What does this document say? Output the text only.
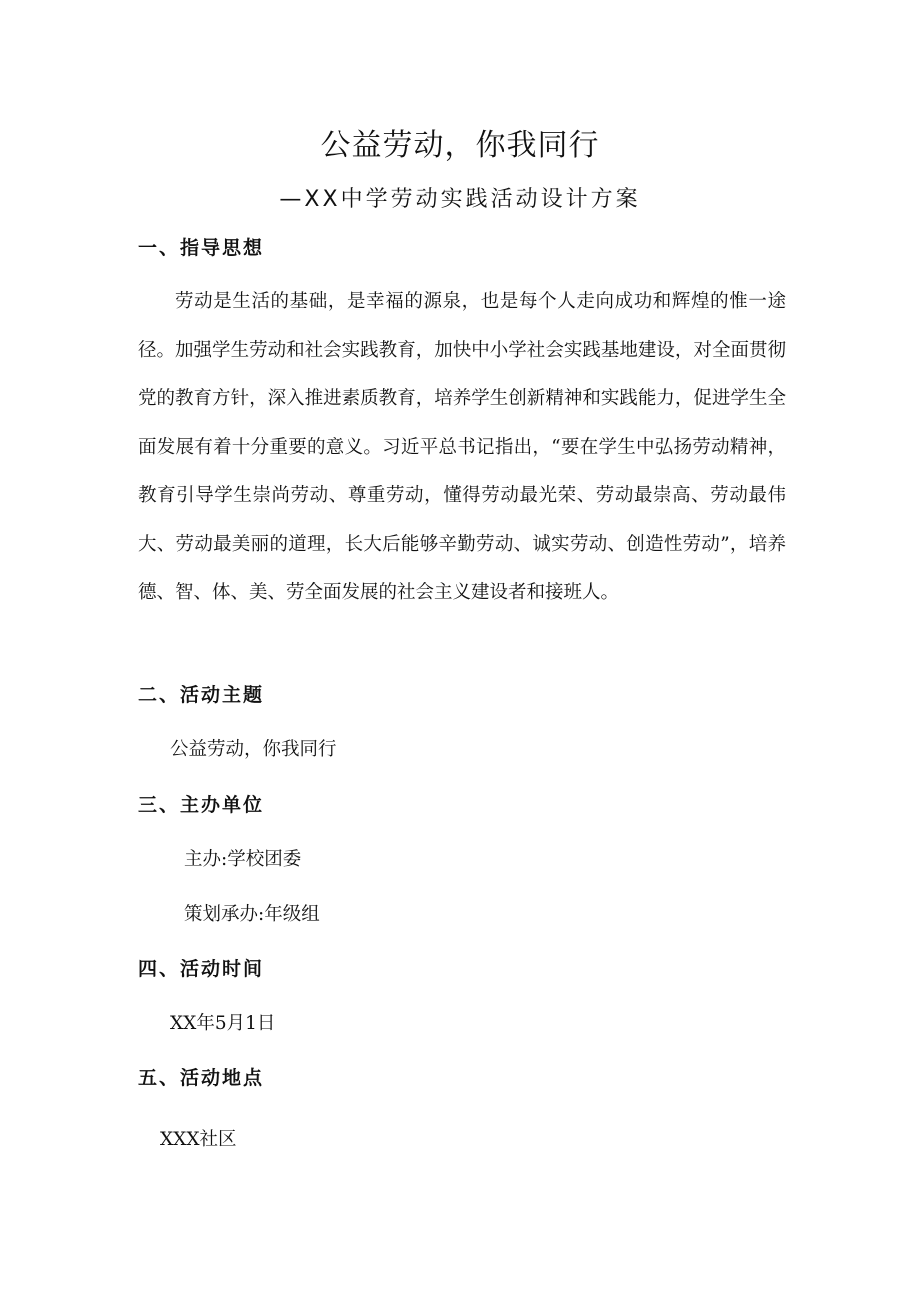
公益劳动，你我同行
—XX中学劳动实践活动设计方案
一、指导思想

劳动是生活的基础，是幸福的源泉，也是每个人走向成功和辉煌的惟一途径。加强学生劳动和社会实践教育，加快中小学社会实践基地建设，对全面贯彻党的教育方针，深入推进素质教育，培养学生创新精神和实践能力，促进学生全面发展有着十分重要的意义。习近平总书记指出，“要在学生中弘扬劳动精神，教育引导学生崇尚劳动、尊重劳动，懂得劳动最光荣、劳动最崇高、劳动最伟大、劳动最美丽的道理，长大后能够辛勤劳动、诚实劳动、创造性劳动”，培养德、智、体、美、劳全面发展的社会主义建设者和接班人。

二、活动主题

公益劳动，你我同行

三、主办单位

主办:学校团委

策划承办:年级组

四、活动时间

XX年5月1日

五、活动地点

XXX社区
